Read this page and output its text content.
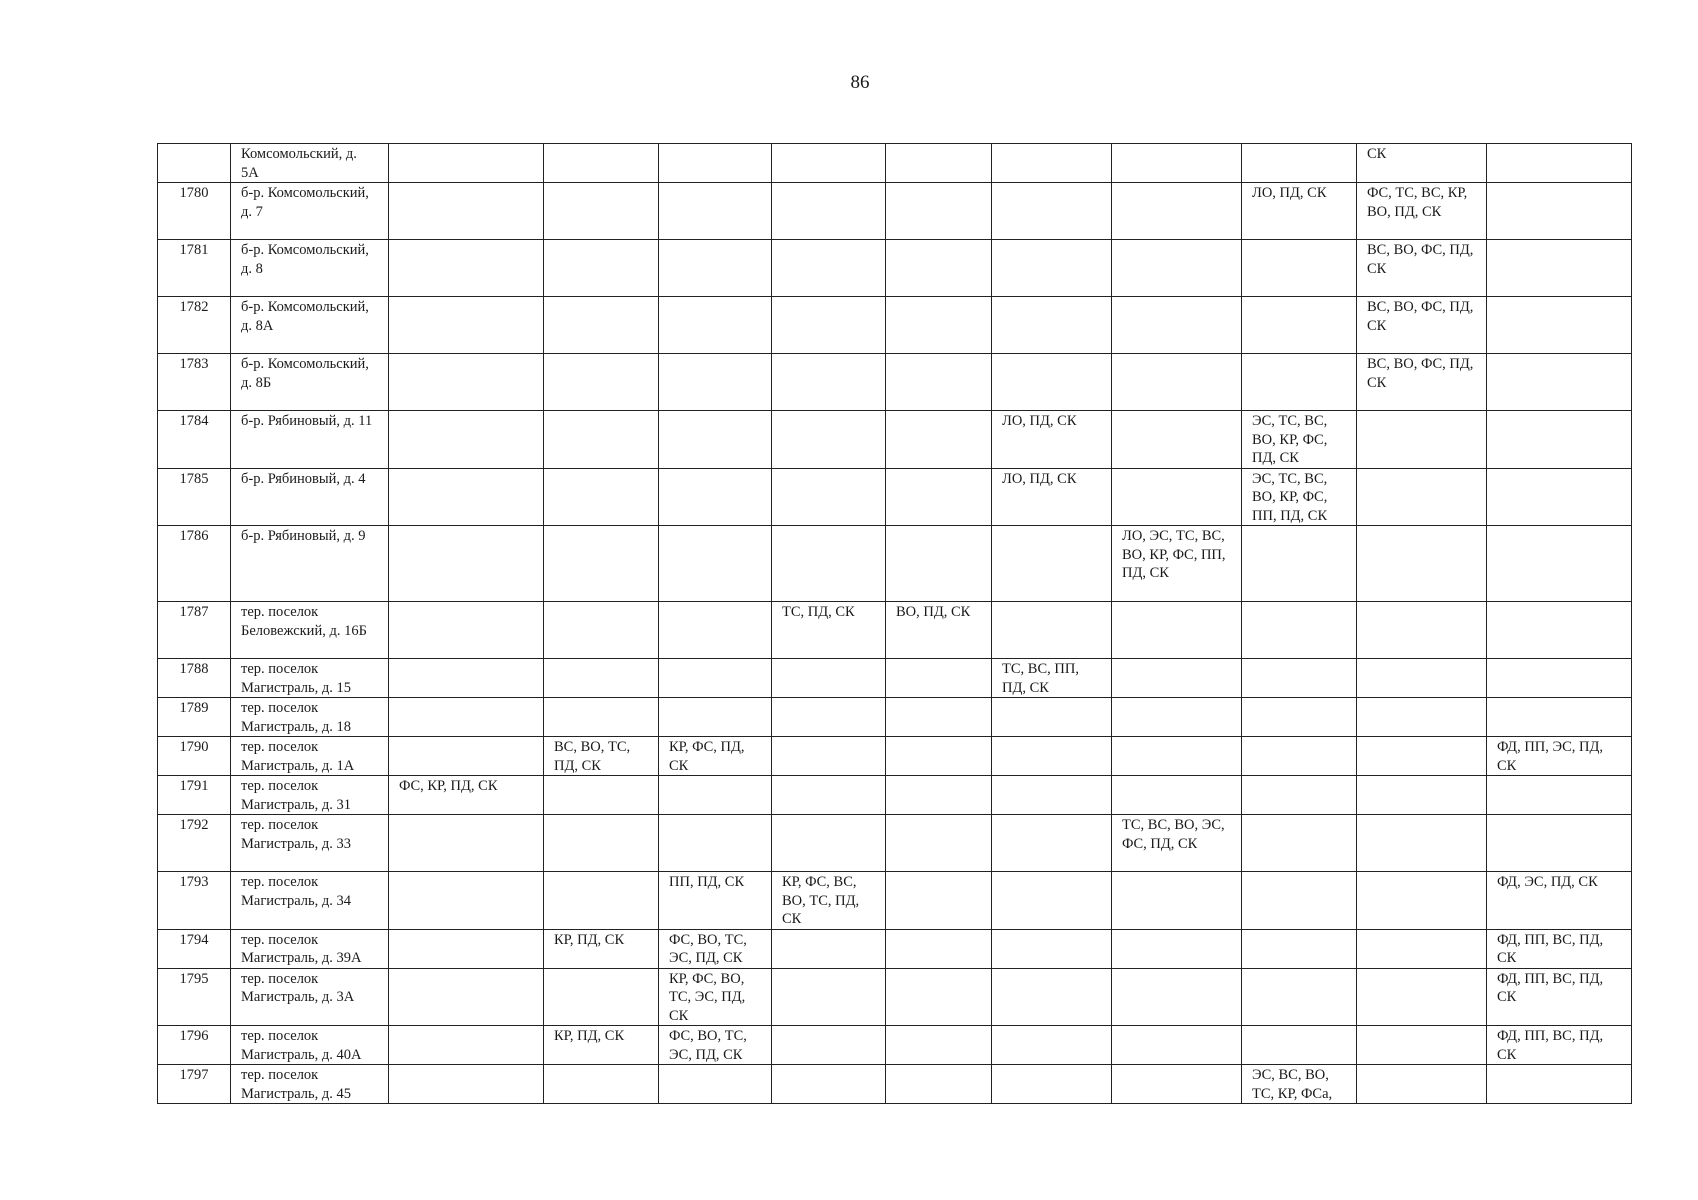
86
	Комсомольский, д. 5А									СК	
1780	б-р. Комсомольский, д. 7								ЛО, ПД, СК	ФС, ТС, ВС, КР, ВО, ПД, СК	
1781	б-р. Комсомольский, д. 8									ВС, ВО, ФС, ПД, СК	
1782	б-р. Комсомольский, д. 8А									ВС, ВО, ФС, ПД, СК	
1783	б-р. Комсомольский, д. 8Б									ВС, ВО, ФС, ПД, СК	
1784	б-р. Рябиновый, д. 11						ЛО, ПД, СК		ЭС, ТС, ВС, ВО, КР, ФС, ПД, СК		
1785	б-р. Рябиновый, д. 4						ЛО, ПД, СК		ЭС, ТС, ВС, ВО, КР, ФС, ПП, ПД, СК		
1786	б-р. Рябиновый, д. 9							ЛО, ЭС, ТС, ВС, ВО, КР, ФС, ПП, ПД, СК			
1787	тер. поселок Беловежский, д. 16Б				ТС, ПД, СК	ВО, ПД, СК					
1788	тер. поселок Магистраль, д. 15						ТС, ВС, ПП, ПД, СК				
1789	тер. поселок Магистраль, д. 18										
1790	тер. поселок Магистраль, д. 1А		ВС, ВО, ТС, ПД, СК	КР, ФС, ПД, СК							ФД, ПП, ЭС, ПД, СК
1791	тер. поселок Магистраль, д. 31	ФС, КР, ПД, СК									
1792	тер. поселок Магистраль, д. 33							ТС, ВС, ВО, ЭС, ФС, ПД, СК			
1793	тер. поселок Магистраль, д. 34			ПП, ПД, СК	КР, ФС, ВС, ВО, ТС, ПД, СК						ФД, ЭС, ПД, СК
1794	тер. поселок Магистраль, д. 39А		КР, ПД, СК	ФС, ВО, ТС, ЭС, ПД, СК							ФД, ПП, ВС, ПД, СК
1795	тер. поселок Магистраль, д. 3А			КР, ФС, ВО, ТС, ЭС, ПД, СК							ФД, ПП, ВС, ПД, СК
1796	тер. поселок Магистраль, д. 40А		КР, ПД, СК	ФС, ВО, ТС, ЭС, ПД, СК							ФД, ПП, ВС, ПД, СК
1797	тер. поселок Магистраль, д. 45								ЭС, ВС, ВО, ТС, КР, ФСа,		
